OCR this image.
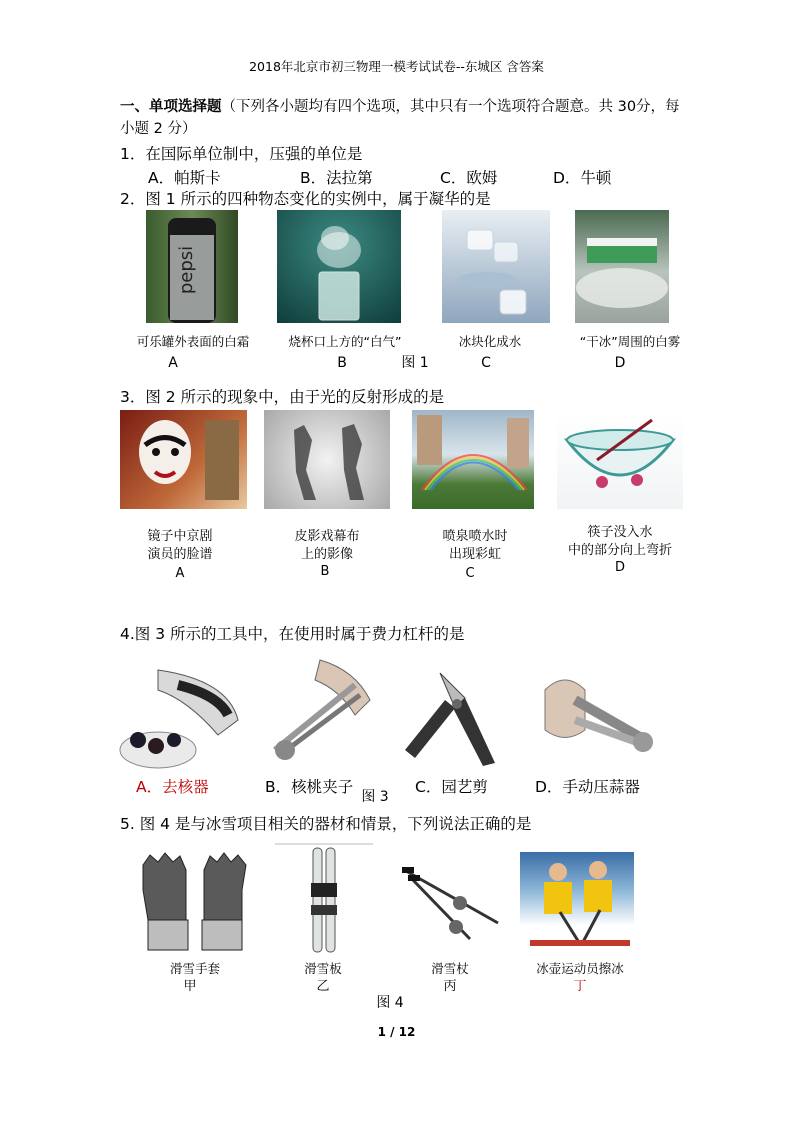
2018年北京市初三物理一模考试试卷--东城区 含答案
一、单项选择题（下列各小题均有四个选项，其中只有一个选项符合题意。共 30分，每小题 2 分）
1．在国际单位制中，压强的单位是
A．帕斯卡	B．法拉第	C．欧姆	D．牛顿
2．图 1 所示的四种物态变化的实例中，属于凝华的是
pepsi
可乐罐外表面的白霜	烧杯口上方的“白气”	冰块化成水	“干冰”周围的白雾
A	B	图 1	C	D
3．图 2 所示的现象中，由于光的反射形成的是
镜子中京剧
演员的脸谱
A
皮影戏幕布
上的影像
B
喷泉喷水时
出现彩虹
C
筷子没入水
中的部分向上弯折
D
4.图 3 所示的工具中，在使用时属于费力杠杆的是
A．去核器	B．核桃夹子	C．园艺剪	D．手动压蒜器
图 3
5. 图 4 是与冰雪项目相关的器材和情景，下列说法正确的是
滑雪手套	滑雪板	滑雪杖	冰壶运动员擦冰
甲	乙	丙	丁
图 4
1 / 12
